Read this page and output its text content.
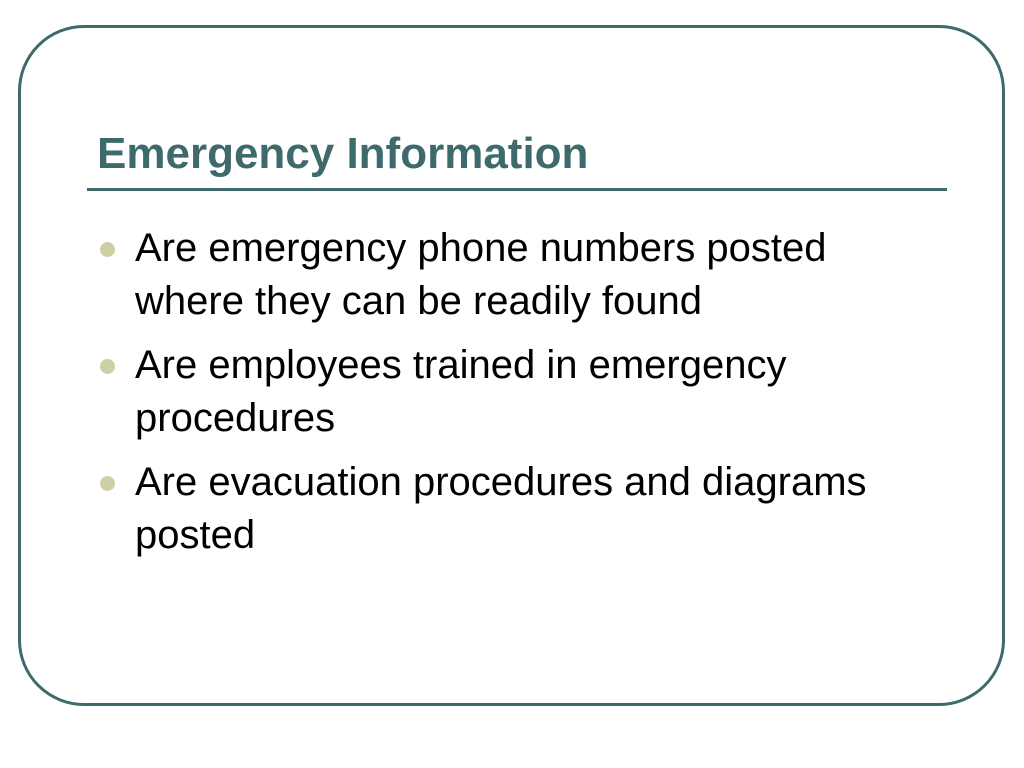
Emergency Information
Are emergency phone numbers posted where they can be readily found
Are employees trained in emergency procedures
Are evacuation procedures and diagrams posted
